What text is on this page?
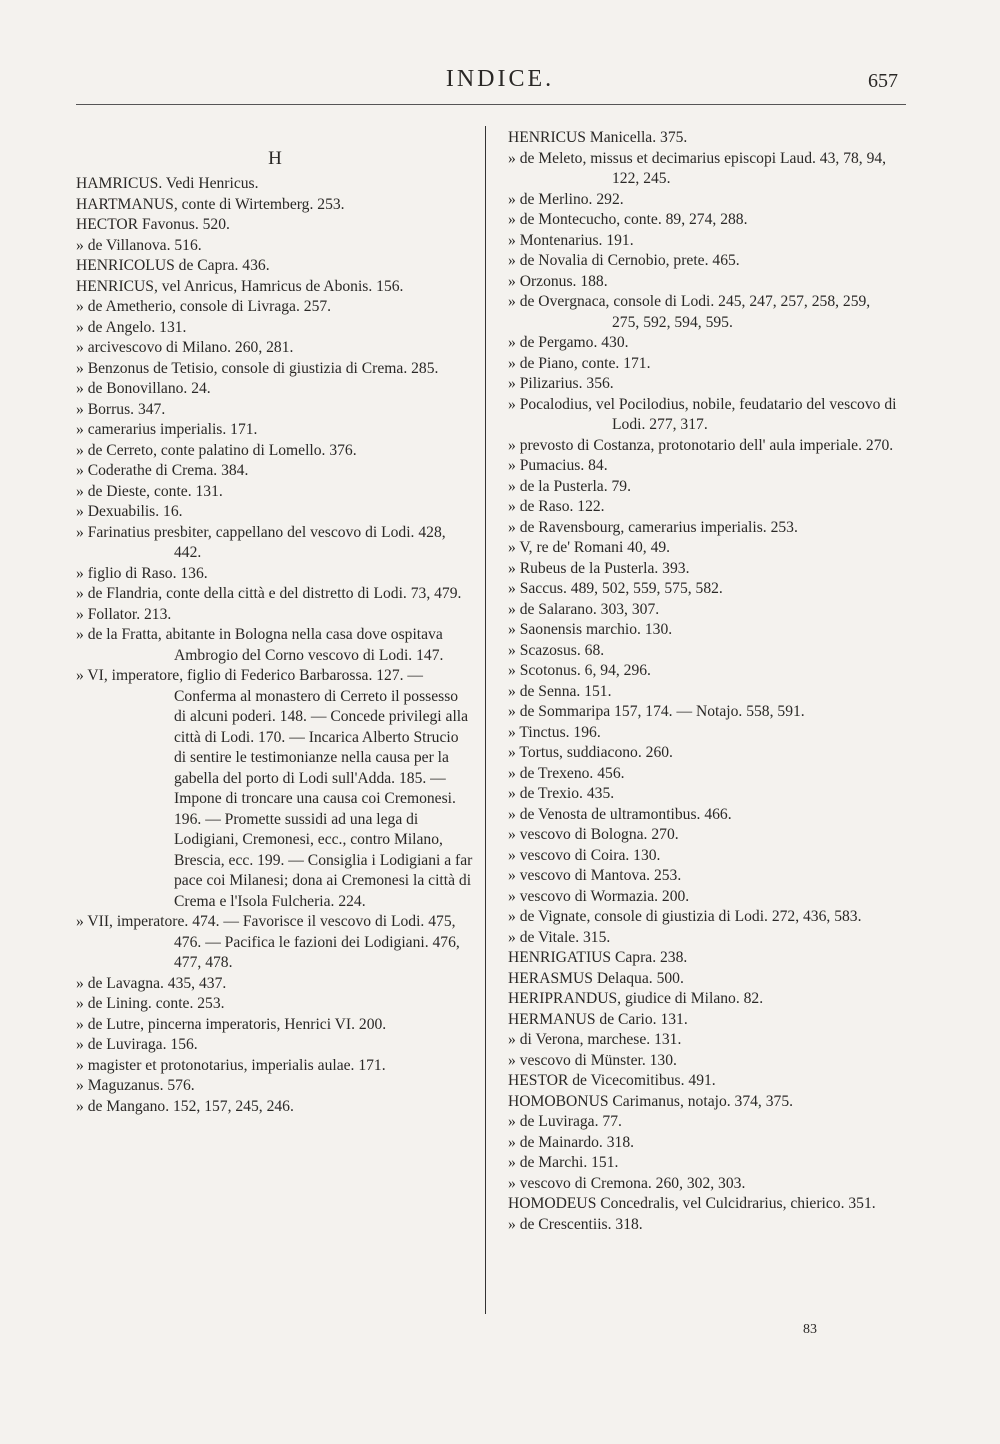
INDICE.	657
H
HAMRICUS. Vedi Henricus.
HARTMANUS, conte di Wirtemberg. 253.
HECTOR Favonus. 520.
» de Villanova. 516.
HENRICOLUS de Capra. 436.
HENRICUS, vel Anricus, Hamricus de Abonis. 156.
» de Ametherio, console di Livraga. 257.
» de Angelo. 131.
» arcivescovo di Milano. 260, 281.
» Benzonus de Tetisio, console di giustizia di Crema. 285.
» de Bonovillano. 24.
» Borrus. 347.
» camerarius imperialis. 171.
» de Cerreto, conte palatino di Lomello. 376.
» Coderathe di Crema. 384.
» de Dieste, conte. 131.
» Dexuabilis. 16.
» Farinatius presbiter, cappellano del vescovo di Lodi. 428, 442.
» figlio di Raso. 136.
» de Flandria, conte della città e del distretto di Lodi. 73, 479.
» Follator. 213.
» de la Fratta, abitante in Bologna nella casa dove ospitava Ambrogio del Corno vescovo di Lodi. 147.
» VI, imperatore, figlio di Federico Barbarossa. 127. — Conferma al monastero di Cerreto il possesso di alcuni poderi. 148. — Concede privilegi alla città di Lodi. 170. — Incarica Alberto Strucio di sentire le testimonianze nella causa per la gabella del porto di Lodi sull'Adda. 185. — Impone di troncare una causa coi Cremonesi. 196. — Promette sussidi ad una lega di Lodigiani, Cremonesi, ecc., contro Milano, Brescia, ecc. 199. — Consiglia i Lodigiani a far pace coi Milanesi; dona ai Cremonesi la città di Crema e l'Isola Fulcheria. 224.
» VII, imperatore. 474. — Favorisce il vescovo di Lodi. 475, 476. — Pacifica le fazioni dei Lodigiani. 476, 477, 478.
» de Lavagna. 435, 437.
» de Lining. conte. 253.
» de Lutre, pincerna imperatoris, Henrici VI. 200.
» de Luviraga. 156.
» magister et protonotarius, imperialis aulae. 171.
» Maguzanus. 576.
» de Mangano. 152, 157, 245, 246.
HENRICUS Manicella. 375.
» de Meleto, missus et decimarius episcopi Laud. 43, 78, 94, 122, 245.
» de Merlino. 292.
» de Montecucho, conte. 89, 274, 288.
» Montenarius. 191.
» de Novalia di Cernobio, prete. 465.
» Orzonus. 188.
» de Overgnaca, console di Lodi. 245, 247, 257, 258, 259, 275, 592, 594, 595.
» de Pergamo. 430.
» de Piano, conte. 171.
» Pilizarius. 356.
» Pocalodius, vel Pocilodius, nobile, feudatario del vescovo di Lodi. 277, 317.
» prevosto di Costanza, protonotario dell' aula imperiale. 270.
» Pumacius. 84.
» de la Pusterla. 79.
» de Raso. 122.
» de Ravensbourg, camerarius imperialis. 253.
» V, re de' Romani 40, 49.
» Rubeus de la Pusterla. 393.
» Saccus. 489, 502, 559, 575, 582.
» de Salarano. 303, 307.
» Saonensis marchio. 130.
» Scazosus. 68.
» Scotonus. 6, 94, 296.
» de Senna. 151.
» de Sommaripa 157, 174. — Notajo. 558, 591.
» Tinctus. 196.
» Tortus, suddiacono. 260.
» de Trexeno. 456.
» de Trexio. 435.
» de Venosta de ultramontibus. 466.
» vescovo di Bologna. 270.
» vescovo di Coira. 130.
» vescovo di Mantova. 253.
» vescovo di Wormazia. 200.
» de Vignate, console di giustizia di Lodi. 272, 436, 583.
» de Vitale. 315.
HENRIGATIUS Capra. 238.
HERASMUS Delaqua. 500.
HERIPRANDUS, giudice di Milano. 82.
HERMANUS de Cario. 131.
» di Verona, marchese. 131.
» vescovo di Münster. 130.
HESTOR de Vicecomitibus. 491.
HOMOBONUS Carimanus, notajo. 374, 375.
» de Luviraga. 77.
» de Mainardo. 318.
» de Marchi. 151.
» vescovo di Cremona. 260, 302, 303.
HOMODEUS Concedralis, vel Culcidrarius, chierico. 351.
» de Crescentiis. 318.
83
